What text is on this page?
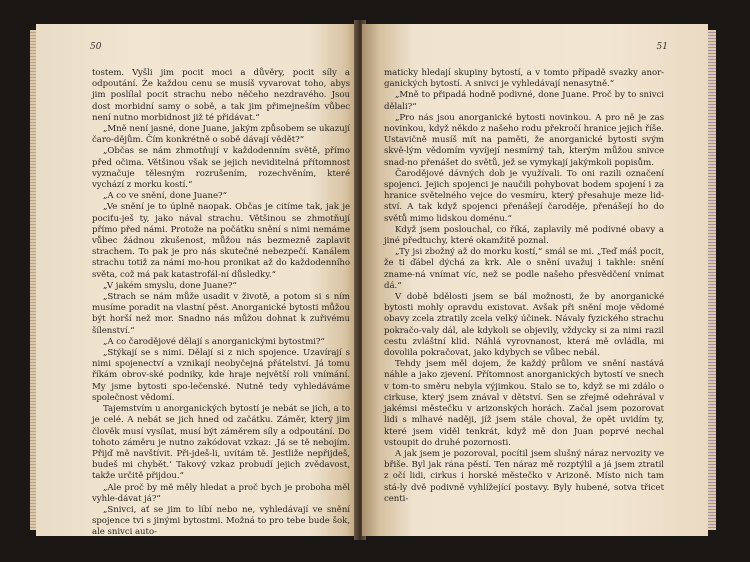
50

tostem. Vyšli jim pocit moci a důvěry, pocit síly a odpoutání. Že každou cenu se musíš vyvarovat toho, abys jim poslílal pocit strachu nebo něčeho nezdravého. Jsou dost morbidní samy o sobě, a tak jim přimejneším vůbec není nutno morbidnost již té přidávat.“

„Mně není jasné, done Juane, jakým způsobem se ukazují čaro-dějům. Čím konkrétně o sobě dávají vědět?“

„Občas se nám zhmotňují v každodenním světě, přímo před očima. Většinou však se jejich neviditelná přítomnost vyznačuje tělesným rozrušením, rozechvěním, které vychází z morku kostí.“

„A co ve snění, done Juane?“

„Ve snění je to úplně naopak. Občas je citíme tak, jak je pociťu-ješ ty, jako nával strachu. Většinou se zhmotňují přímo před námi. Protože na počátku snění s nimi nemáme vůbec žádnou zkušenost, můžou nás bezmezně zaplavit strachem. To pak je pro nás skutečné nebezpečí. Kanálem strachu totiž za námi mo-hou pronikat až do každodenního světa, což má pak katastrofál-ní důsledky.“

„V jakém smyslu, done Juane?“

„Strach se nám může usadit v životě, a potom si s ním musíme poradit na vlastní pěst. Anorganické bytosti můžou být horší než mor. Snadno nás můžou dohnat k zuřivému šílenství.“

„A co čarodějové dělají s anorganickými bytostmi?“

„Stýkají se s nimi. Dělají si z nich spojence. Uzavírají s nimi spojenectví a vznikají neobyčejná přátelství. Já tomu říkám obrov-ské podniky, kde hraje největší roli vnímání. My jsme bytosti spo-lečenské. Nutně tedy vyhledáváme společnost vědomí.

Tajemstvím u anorganických bytostí je nebát se jich, a to je celé. A nebát se jich hned od začátku. Záměr, který jim člověk musí vysílat, musí být záměrem síly a odpoutání. Do tohoto záměru je nutno zakódovat vzkaz: ‚Já se tě nebojím. Přijď mě navštívit. Při-jdeš-li, uvítám tě. Jestliže nepřijdeš, budeš mi chybět.‘ Takový vzkaz probudí jejich zvědavost, takže určitě přijdou.“

„Ale proč by mě měly hledat a proč bych je proboha měl vyhle-dávat já?“

„Snivci, ať se jim to líbí nebo ne, vyhledávají ve snění spojence tvi s jinými bytostmi. Možná to pro tebe bude šok, ale snivci auto-

51

maticky hledají skupiny bytostí, a v tomto případě svazky anor-ganických bytostí. A snivci je vyhledávají nenasytně.“

„Mně to připadá hodně podivné, done Juane. Proč by to snivci dělali?“

„Pro nás jsou anorganické bytosti novinkou. A pro ně je zas novinkou, když někdo z našeho rodu překročí hranice jejich říše. Ustavičně musíš mít na paměti, že anorganické bytosti svým skvě-lým vědomím vyvíjejí nesmírný tah, kterým můžou snivce snad-no přenášet do světů, jež se vymykají jakýmkoli popisům.

Čarodějové dávných dob je využívali. To oni razili označení spojenci. Jejich spojenci je naučili pohybovat bodem spojení i za hranice světelného vejce do vesmíru, který přesahuje meze lid-ství. A tak když spojenci přenášejí čaroděje, přenášejí ho do světů mimo lidskou doménu.“

Když jsem poslouchal, co říká, zaplavily mě podivné obavy a jiné předtuchy, které okamžitě poznal.

„Ty jsi zbožný až do morku kostí,“ smál se mi. „Teď máš pocit, že ti ďábel dýchá za krk. Ale o snění uvažuj i takhle: snění zname-ná vnímat víc, než se podle našeho přesvědčení vnímat dá.“

V době bdělosti jsem se bál možnosti, že by anorganické bytosti mohly opravdu existovat. Avšak při snění moje vědomé obavy zcela ztratily zcela velký účinek. Návaly fyzického strachu pokračo-valy dál, ale kdykoli se objevily, vždycky si za nimi razil cestu zvláštní klid. Náhlá vyrovnanost, která mě ovládla, mi dovolila pokračovat, jako kdybych se vůbec nebál.

Tehdy jsem měl dojem, že každý průlom ve snění nastává náhle a jako zjevení. Přítomnost anorganických bytostí ve snech v tom-to směru nebyla výjimkou. Stalo se to, když se mi zdálo o cirkuse, který jsem znával v dětství. Sen se zřejmě odehrával v jakémsi městečku v arizonských horách. Začal jsem pozorovat lidi s mlhavé naději, jíž jsem stále choval, že opět uvidím ty, které jsem viděl tenkrát, když mě don Juan poprvé nechal vstoupit do druhé pozornosti.

A jak jsem je pozoroval, pocítil jsem slušný náraz nervozity ve břiše. Byl jak rána pěstí. Ten náraz mě rozptýlil a já jsem ztratil z očí lidi, cirkus i horské městečko v Arizoně. Místo nich tam stá-ly dvě podivně vyhlížející postavy. Byly hubené, sotva třicet centi-
